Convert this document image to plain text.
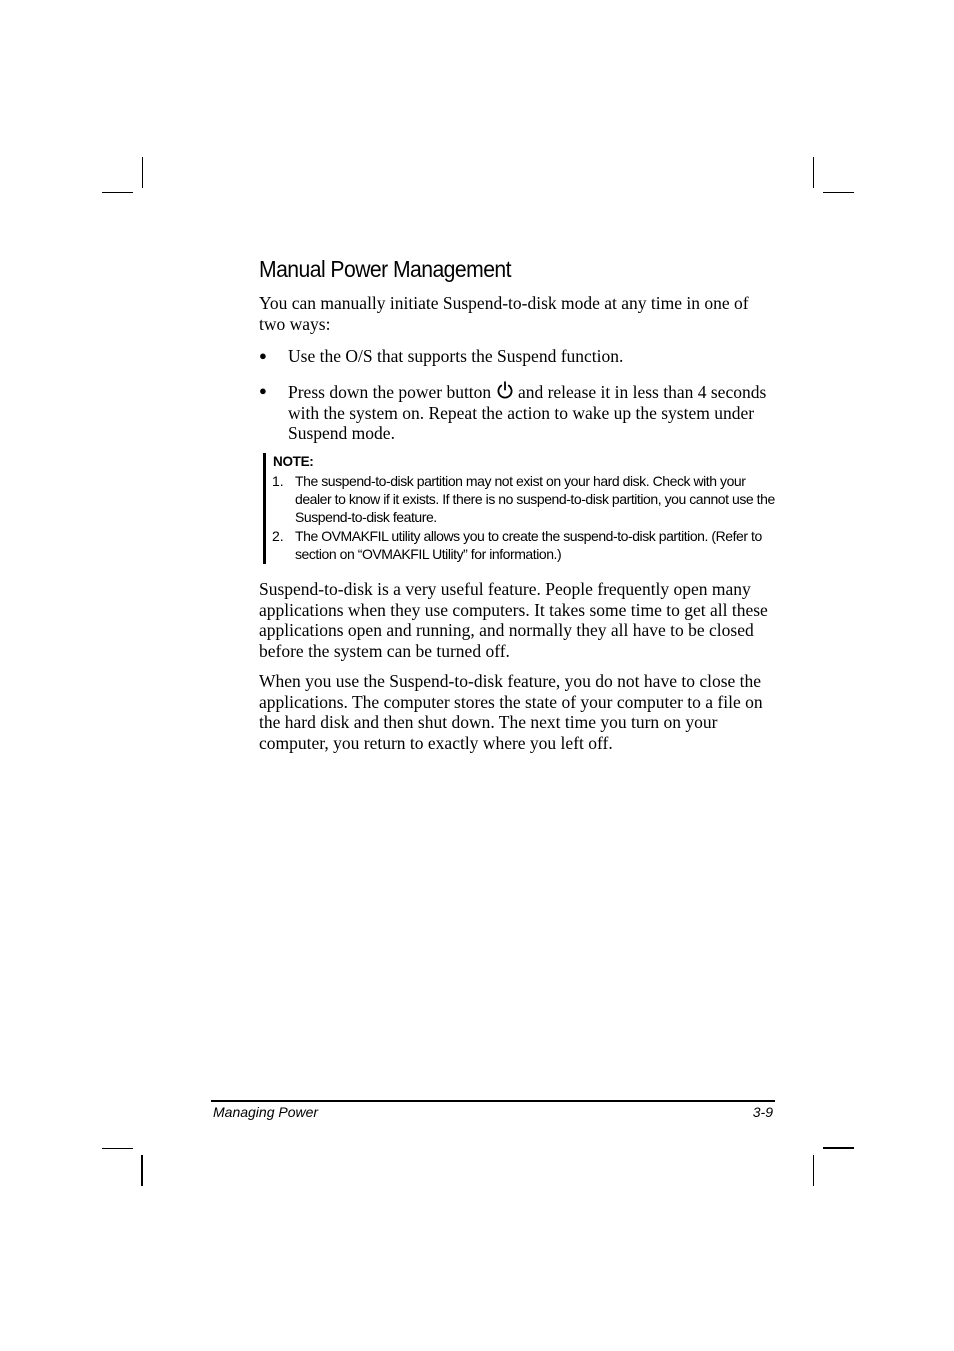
Manual Power Management

You can manually initiate Suspend-to-disk mode at any time in one of two ways:

● Use the O/S that supports the Suspend function.
● Press down the power button and release it in less than 4 seconds with the system on. Repeat the action to wake up the system under Suspend mode.
NOTE:
1. The suspend-to-disk partition may not exist on your hard disk. Check with your dealer to know if it exists. If there is no suspend-to-disk partition, you cannot use the Suspend-to-disk feature.
2. The OVMAKFIL utility allows you to create the suspend-to-disk partition. (Refer to section on “OVMAKFIL Utility” for information.)

Suspend-to-disk is a very useful feature. People frequently open many applications when they use computers. It takes some time to get all these applications open and running, and normally they all have to be closed before the system can be turned off.

When you use the Suspend-to-disk feature, you do not have to close the applications. The computer stores the state of your computer to a file on the hard disk and then shut down. The next time you turn on your computer, you return to exactly where you left off.

Managing Power	3-9
